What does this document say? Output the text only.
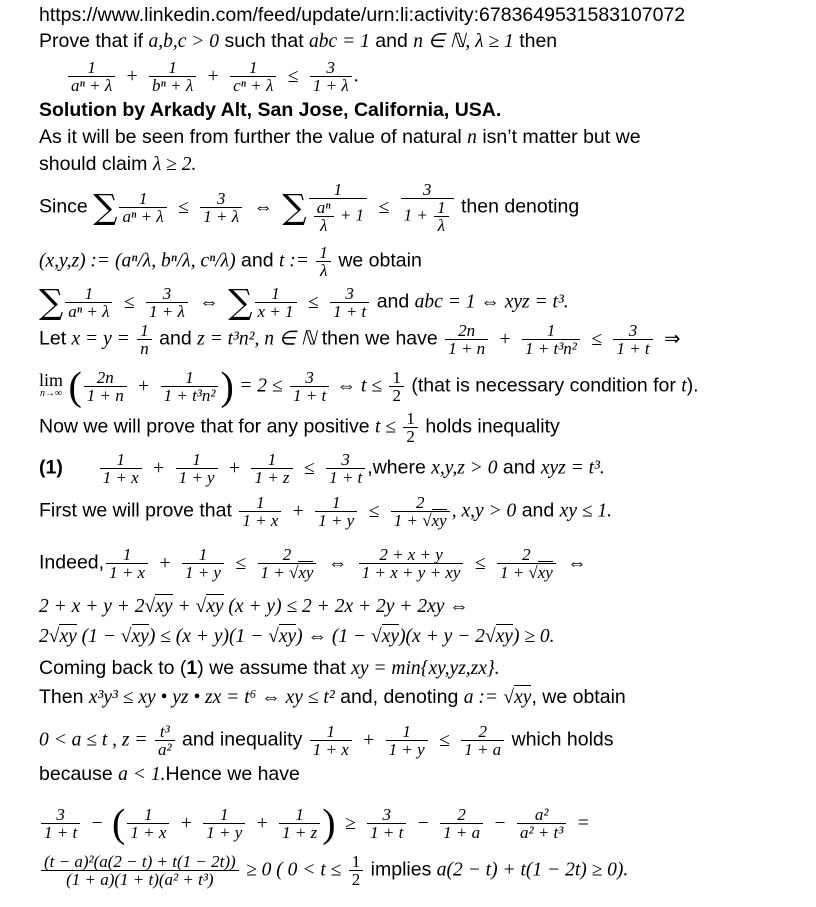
https://www.linkedin.com/feed/update/urn:li:activity:6783649531583107072
Prove that if a,b,c > 0 such that abc = 1 and n ∈ ℕ, λ ≥ 1 then
$\frac{1}{\text{aⁿ + λ}} + \frac{1}{\text{bⁿ + λ}} + \frac{1}{\text{cⁿ + λ}} \le \frac{3}{1 + \lambda}$ .
Solution by Arkady Alt, San Jose, California, USA.
As it will be seen from further the value of natural n isn’t matter but we
should claim λ ≥ 2.
Since ∑ $\frac{1}{\text{aⁿ + λ}} \le \frac{3}{1 + \lambda}$ ⇔ ∑	1
$\frac{\text{aⁿ}}{\lambda} + 1 \le \frac{3}{1 + \frac{1}{\lambda}}$ then denoting
(x,y,z) := (aⁿ/λ, bⁿ/λ, cⁿ/λ) and t := $\frac{1}{\lambda}$ we obtain
∑ $\frac{1}{\text{aⁿ + λ}} \le \frac{3}{1 + \lambda}$ ⇔ ∑ $\frac{1}{x + 1} \le \frac{3}{1 + t}$ and abc = 1 ⇔ xyz = t³.
Let $x = y = \frac{1}{n}$ and z = t³n², n ∈ ℕ then we have $\frac{2n}{1 + n} + \frac{1}{\text{1 + t³n²}} \le \frac{3}{1 + t}$ ⇒
lim
n→∞ ( $\frac{2n}{1 + n} + \frac{1}{\text{1 + t³n²}}$ ) = $2 \le \frac{3}{1 + t}$ ⇔ $t \le \frac{1}{2}$ (that is necessary condition for t).
Now we will prove that for any positive $t \le \frac{1}{2}$ holds inequality
$(1) \frac{1}{1 + x} + \frac{1}{1 + y} + \frac{1}{1 + z} \le \frac{3}{1 + t}$ ,where x,y,z > 0 and xyz = t³.
First we will prove that $\frac{1}{1 + x} + \frac{1}{1 + y} \le \frac{2}{1 + √xy}$ , x,y > 0 and xy ≤ 1.
Indeed, $\frac{1}{1 + x} + \frac{1}{1 + y} \le \frac{2}{1 + √xy}$ ⇔ $\frac{2 + x + y}{1 + x + y + xy} \le \frac{2}{1 + √xy}$ ⇔
2 + x + y + 2√xy + √xy (x + y) ≤ 2 + 2x + 2y + 2xy ⇔
2√xy (1 − √xy) ≤ (x + y)(1 − √xy) ⇔ (1 − √xy)(x + y − 2√xy) ≥ 0.
Coming back to (1) we assume that xy = min{xy,yz,zx}.
Then x³y³ ≤ xy • yz • zx = t⁶ ⇔ xy ≤ t² and, denoting a := √xy, we obtain
0 < a ≤ t , $z = \frac{\text{t³}}{\text{a²}}$ and inequality $\frac{1}{1 + x} + \frac{1}{1 + y} \le \frac{2}{1 + a}$ which holds
because a < 1.Hence we have
$\frac{3}{1 + t}$ − ( $\frac{1}{1 + x} + \frac{1}{1 + y} + \frac{1}{1 + z}$ ) ≥ $\frac{3}{1 + t} - \frac{2}{1 + a} - \frac{\text{a²}}{\text{a² + t³}}$ =
$\frac{\text{(t − a)²(a(2 − t) + t(1 − 2t))}}{\text{(1 + a)(1 + t)(a² + t³)}} \ge 0$ ( $0 < t \le \frac{1}{2}$ implies a(2 − t) + t(1 − 2t) ≥ 0).
